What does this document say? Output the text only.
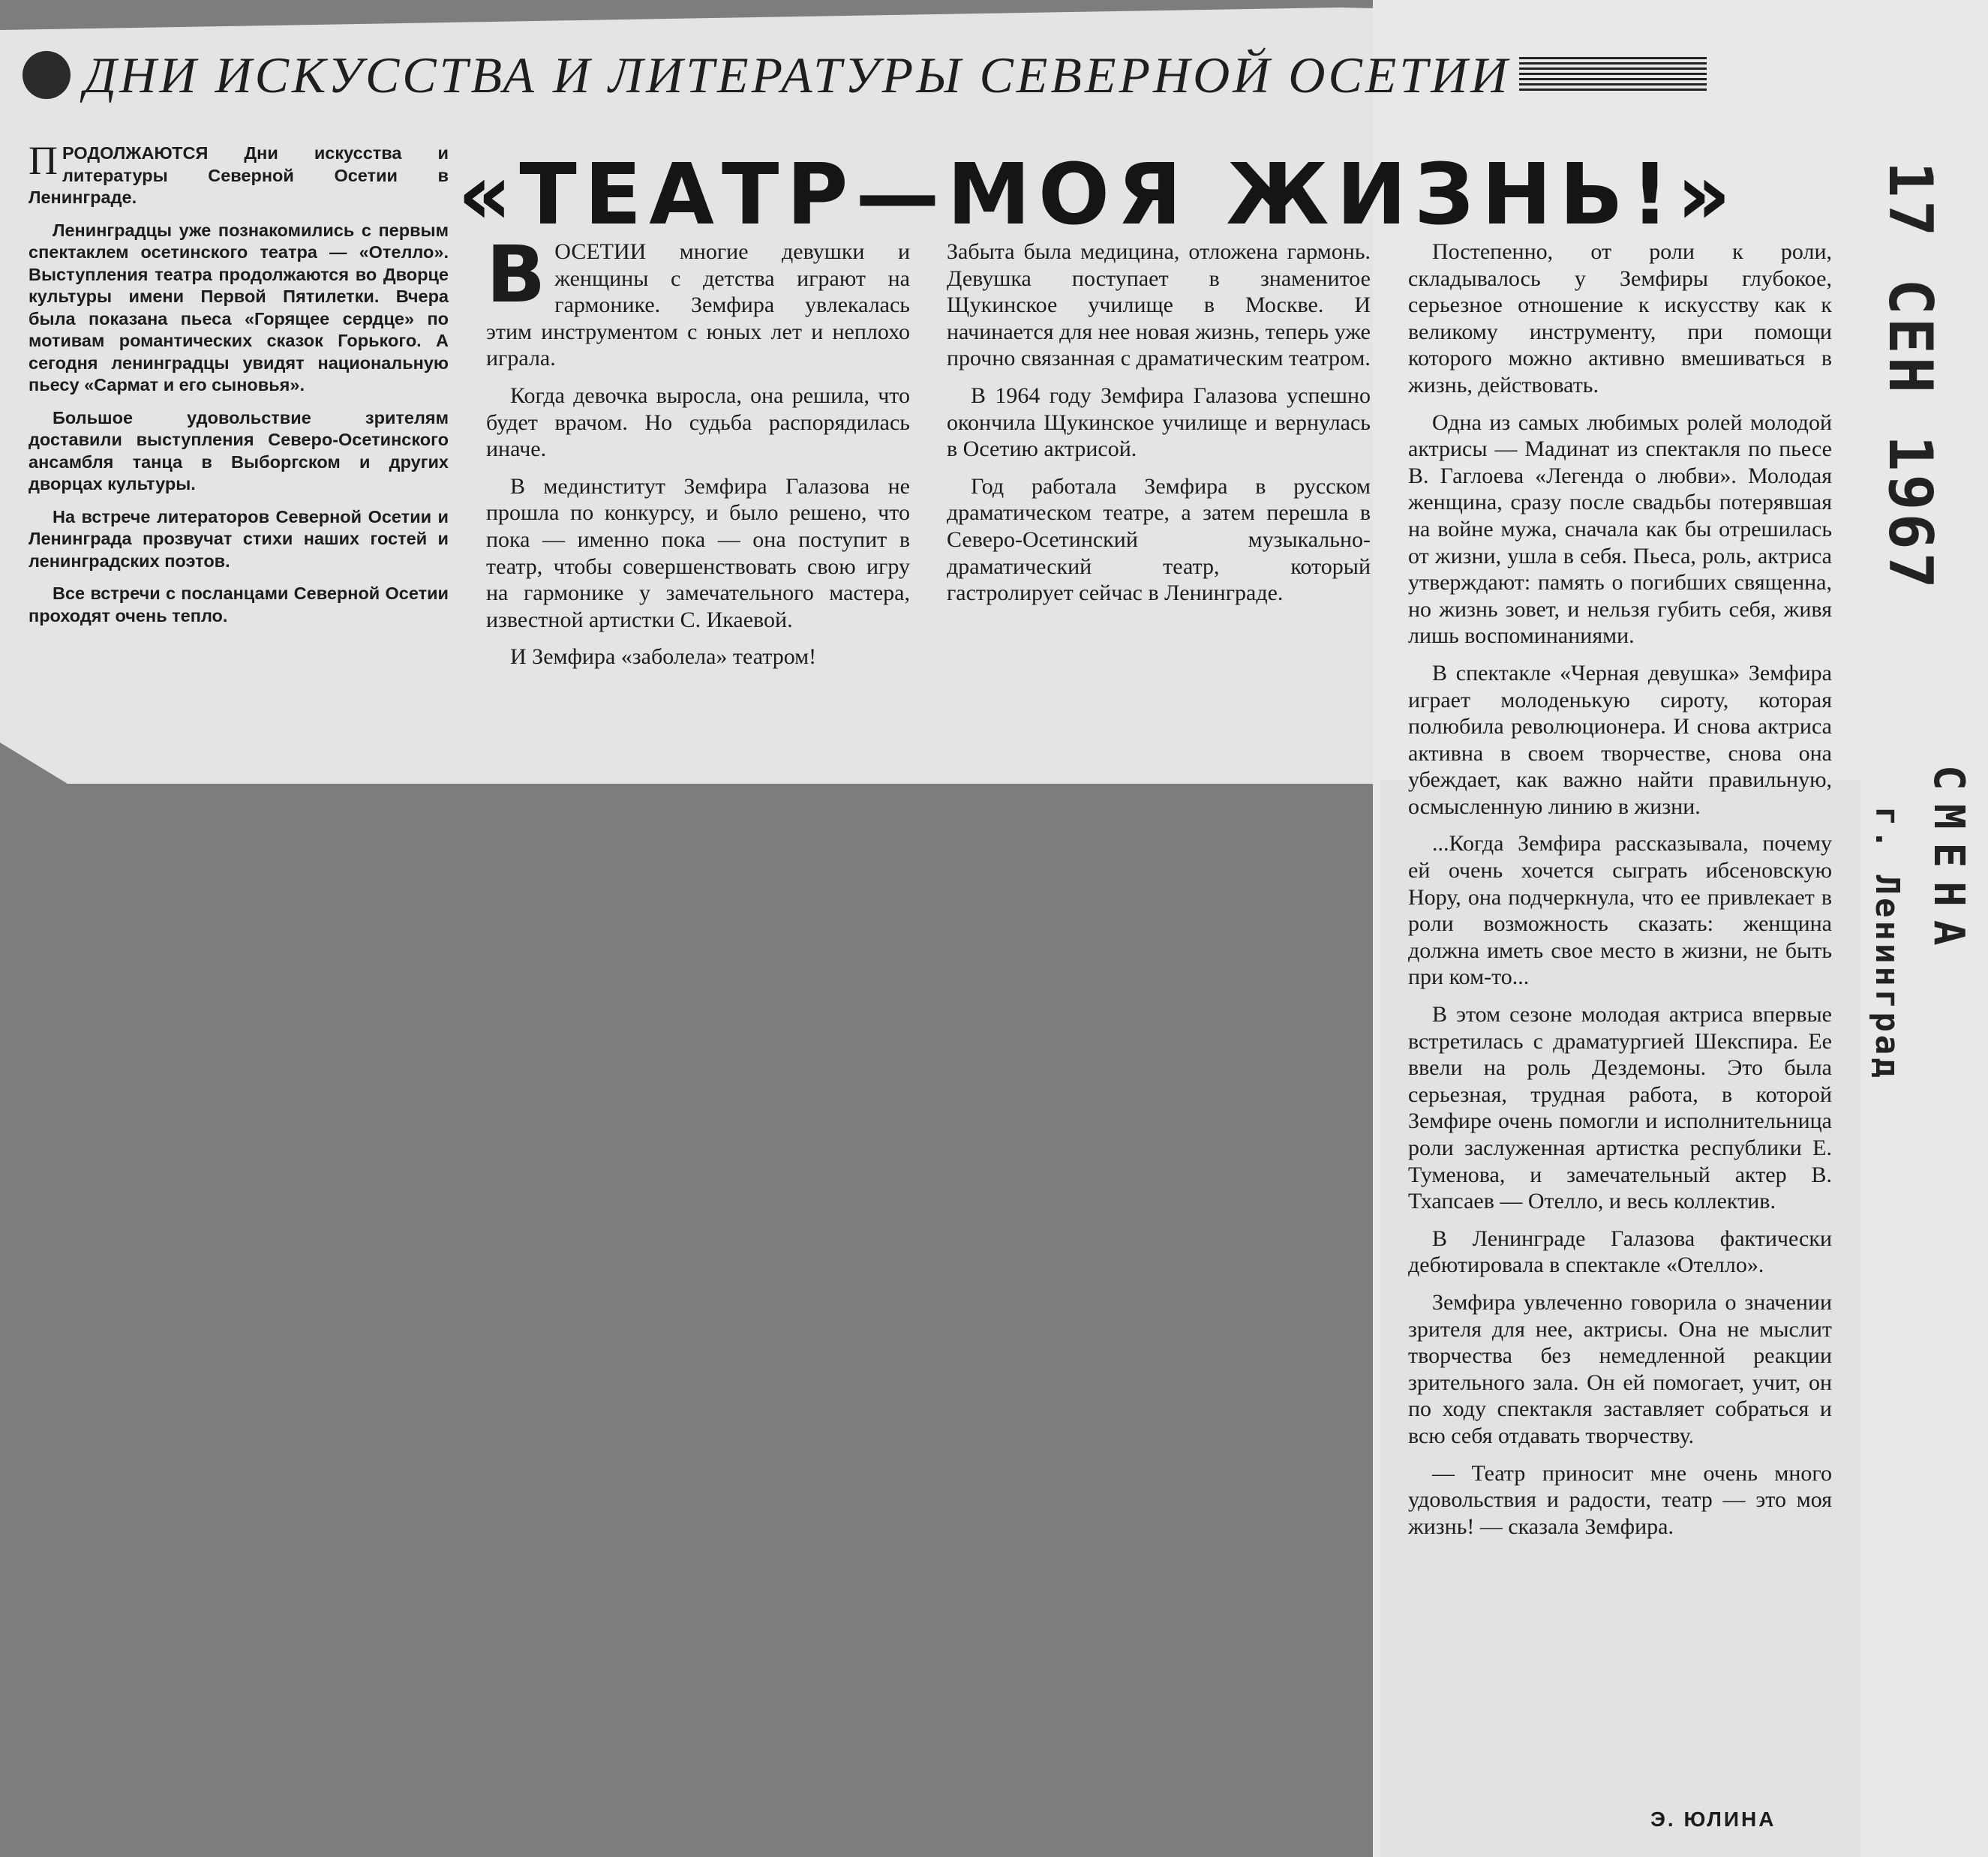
ДНИ ИСКУССТВА И ЛИТЕРАТУРЫ СЕВЕРНОЙ ОСЕТИИ
«ТЕАТР—МОЯ ЖИЗНЬ!»

ПРОДОЛЖАЮТСЯ Дни искусства и литературы Северной Осетии в Ленинграде.

Ленинградцы уже познакомились с первым спектаклем осетинского театра — «Отелло». Выступления театра продолжаются во Дворце культуры имени Первой Пятилетки. Вчера была показана пьеса «Горящее сердце» по мотивам романтических сказок Горького. А сегодня ленинградцы увидят национальную пьесу «Сармат и его сыновья».

Большое удовольствие зрителям доставили выступления Северо-Осетинского ансамбля танца в Выборгском и других дворцах культуры.

На встрече литераторов Северной Осетии и Ленинграда прозвучат стихи наших гостей и ленинградских поэтов.

Все встречи с посланцами Северной Осетии проходят очень тепло.

ВОСЕТИИ многие девушки и женщины с детства играют на гармонике. Земфира увлекалась этим инструментом с юных лет и неплохо играла.

Когда девочка выросла, она решила, что будет врачом. Но судьба распорядилась иначе.

В мединститут Земфира Галазова не прошла по конкурсу, и было решено, что пока — именно пока — она поступит в театр, чтобы совершенствовать свою игру на гармонике у замечательного мастера, известной артистки С. Икаевой.

И Земфира «заболела» театром!

Забыта была медицина, отложена гармонь. Девушка поступает в знаменитое Щукинское училище в Москве. И начинается для нее новая жизнь, теперь уже прочно связанная с драматическим театром.

В 1964 году Земфира Галазова успешно окончила Щукинское училище и вернулась в Осетию актрисой.

Год работала Земфира в русском драматическом театре, а затем перешла в Северо-Осетинский музыкально-драматический театр, который гастролирует сейчас в Ленинграде.

Постепенно, от роли к роли, складывалось у Земфиры глубокое, серьезное отношение к искусству как к великому инструменту, при помощи которого можно активно вмешиваться в жизнь, действовать.

Одна из самых любимых ролей молодой актрисы — Мадинат из спектакля по пьесе В. Гаглоева «Легенда о любви». Молодая женщина, сразу после свадьбы потерявшая на войне мужа, сначала как бы отрешилась от жизни, ушла в себя. Пьеса, роль, актриса утверждают: память о погибших священна, но жизнь зовет, и нельзя губить себя, живя лишь воспоминаниями.

В спектакле «Черная девушка» Земфира играет молоденькую сироту, которая полюбила революционера. И снова актриса активна в своем творчестве, снова она убеждает, как важно найти правильную, осмысленную линию в жизни.

...Когда Земфира рассказывала, почему ей очень хочется сыграть ибсеновскую Нору, она подчеркнула, что ее привлекает в роли возможность сказать: женщина должна иметь свое место в жизни, не быть при ком-то...

В этом сезоне молодая актриса впервые встретилась с драматургией Шекспира. Ее ввели на роль Дездемоны. Это была серьезная, трудная работа, в которой Земфире очень помогли и исполнительница роли заслуженная артистка республики Е. Туменова, и замечательный актер В. Тхапсаев — Отелло, и весь коллектив.

В Ленинграде Галазова фактически дебютировала в спектакле «Отелло».

Земфира увлеченно говорила о значении зрителя для нее, актрисы. Она не мыслит творчества без немедленной реакции зрительного зала. Он ей помогает, учит, он по ходу спектакля заставляет собраться и всю себя отдавать творчеству.

— Театр приносит мне очень много удовольствия и радости, театр — это моя жизнь! — сказала Земфира.

Э. ЮЛИНА
17 СЕН 1967
СМЕНА
г. Ленинград
